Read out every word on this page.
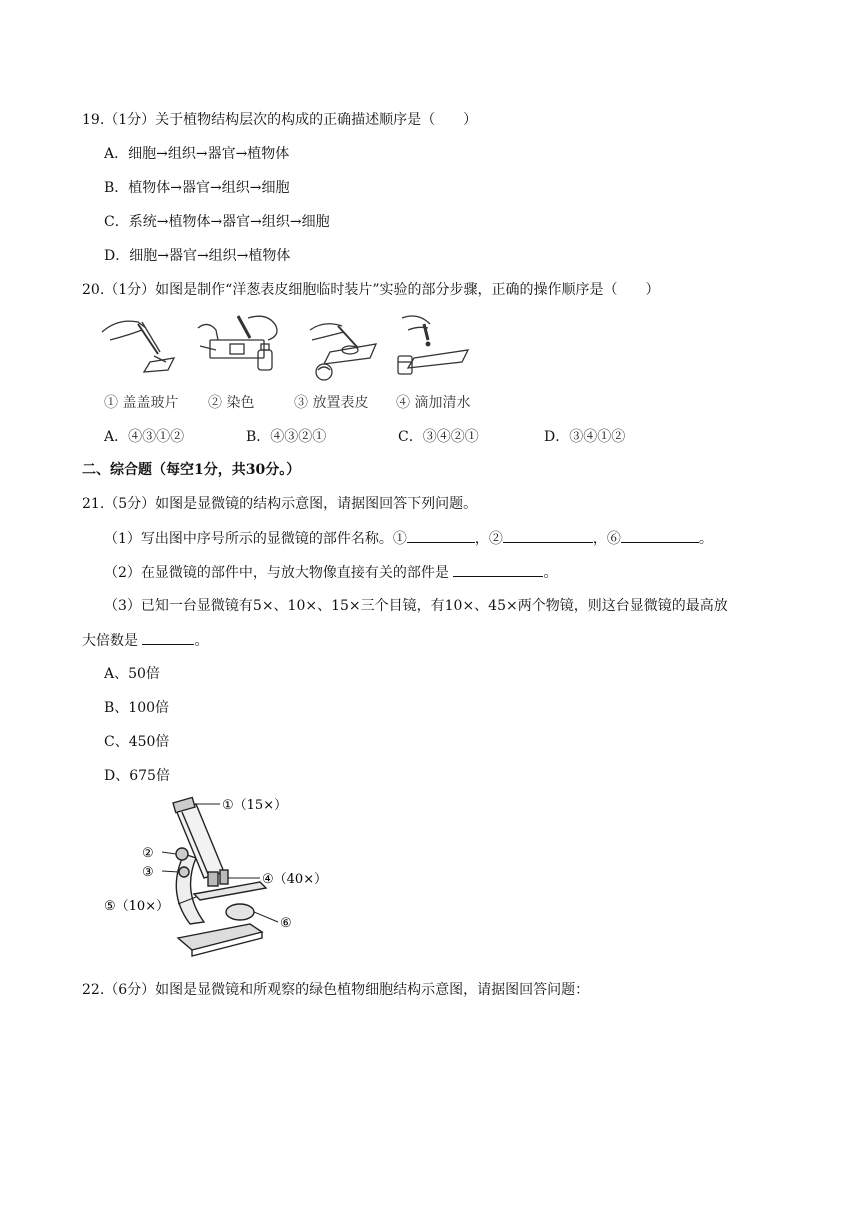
19.（1分）关于植物结构层次的构成的正确描述顺序是（　　）
A．细胞→组织→器官→植物体
B．植物体→器官→组织→细胞
C．系统→植物体→器官→组织→细胞
D．细胞→器官→组织→植物体
20.（1分）如图是制作“洋葱表皮细胞临时装片”实验的部分步骤，正确的操作顺序是（　　）
① 盖盖玻片 ② 染色	③ 放置表皮 ④ 滴加清水
A．④③①②	B．④③②①	C．③④②①	D．③④①②
二、综合题（每空1分，共30分。）
21.（5分）如图是显微镜的结构示意图，请据图回答下列问题。
（1）写出图中序号所示的显微镜的部件名称。①	，②	，⑥	。
（2）在显微镜的部件中，与放大物像直接有关的部件是	。
（3）已知一台显微镜有5×、10×、15×三个目镜，有10×、45×两个物镜，则这台显微镜的最高放
大倍数是	。
A、50倍
B、100倍
C、450倍
D、675倍
①（15×）
②
③	④（40×）
⑤（10×）
⑥
22.（6分）如图是显微镜和所观察的绿色植物细胞结构示意图，请据图回答问题：
